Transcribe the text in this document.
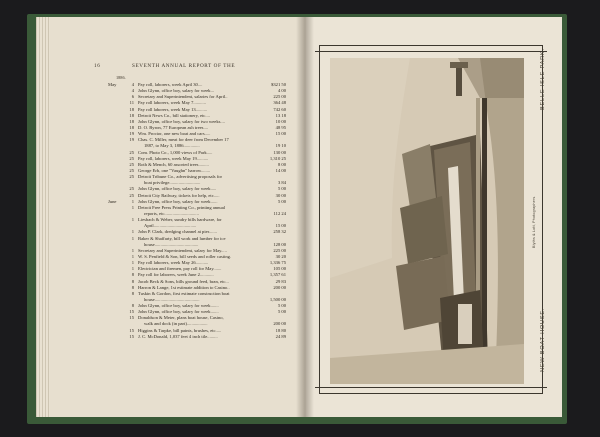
16	SEVENTH ANNUAL REPORT OF THE
1886.
May	4 Pay roll, laborers, week April 30....	$321 50
4 John Glynn, office boy, salary for week...	4 00
6 Secretary and Superintendent, salaries for April..	225 00
11 Pay roll laborers, week May 7...........	364 48
18 Pay roll laborers, week May 13..........	742 60
18 Detroit News Co., bill stationery, etc....	13 18
18 John Glynn, office boy, salary for two weeks....	10 00
18 D. O. Byron, 77 European ash trees....	48 95
19 Wm. Proctor, one new boat and cars.....	15 00
19 Chas. C. Miller, meat for deer from December 17
1887, to May 3, 1886..............	19 10
25 Com. Photo Co., 1,000 views of Park.....	130 00
25 Pay roll, laborers, week May 19..........	1,310 25
25 Roth & Mench, 60 assorted trees.........	8 00
25 George Erb, one "Vaughn" harrow........	14 00
25 Detroit Tribune Co., advertising proposals for
boat privilege...........................	3 84
25 John Glynn, office boy, salary for week.....	5 00
25 Detroit City Railway, tickets for help, etc.....	30 00
June	1 John Glynn, office boy, salary for week......	5 00
1 Detroit Free Press Printing Co., printing annual
reports, etc..............................	112 24
1 Liesbach & Weber, sundry bills hardware, for
April.....................................	15 00
1 John P. Clark, dredging channel at pier.......	258 32
1 Baker & Shaffarty, bill work and lumber for ice
house......................................	128 00
1 Secretary and Superintendent, salary for May.....	225 00
1 W. S. Penfield & Son, bill seeds and roller casting.	30 20
1 Pay roll laborers, week May 26...........	1,336 75
1 Electrician and firemen, pay roll for May.......	105 00
8 Pay roll for laborers, week June 2............	1,357 61
8 Jacob Beck & Sons, bills ground feed, bran, etc...	29 83
8 Harron & Lange, 1st estimate addition to Casino..	200 00
8 Tuskin & Gordon, first estimate construction boat
house.......................................	1,500 00
8 John Glynn, office boy, salary for week.......	5 00
15 John Glynn, office boy, salary for week.......	5 00
15 Donaldson & Meier, plans boat house, Casino,
walk and dock (in part)..................	200 00
15 Higgins & Tarpke, bill paints, brushes, etc.....	18 80
15 J. C. McDonald, 1,037 feet 4 inch tile.........	24 89	NEW BOAT HOUSE.
BELLE ISLE PARK.
Blyths & Lott, Photographers.
